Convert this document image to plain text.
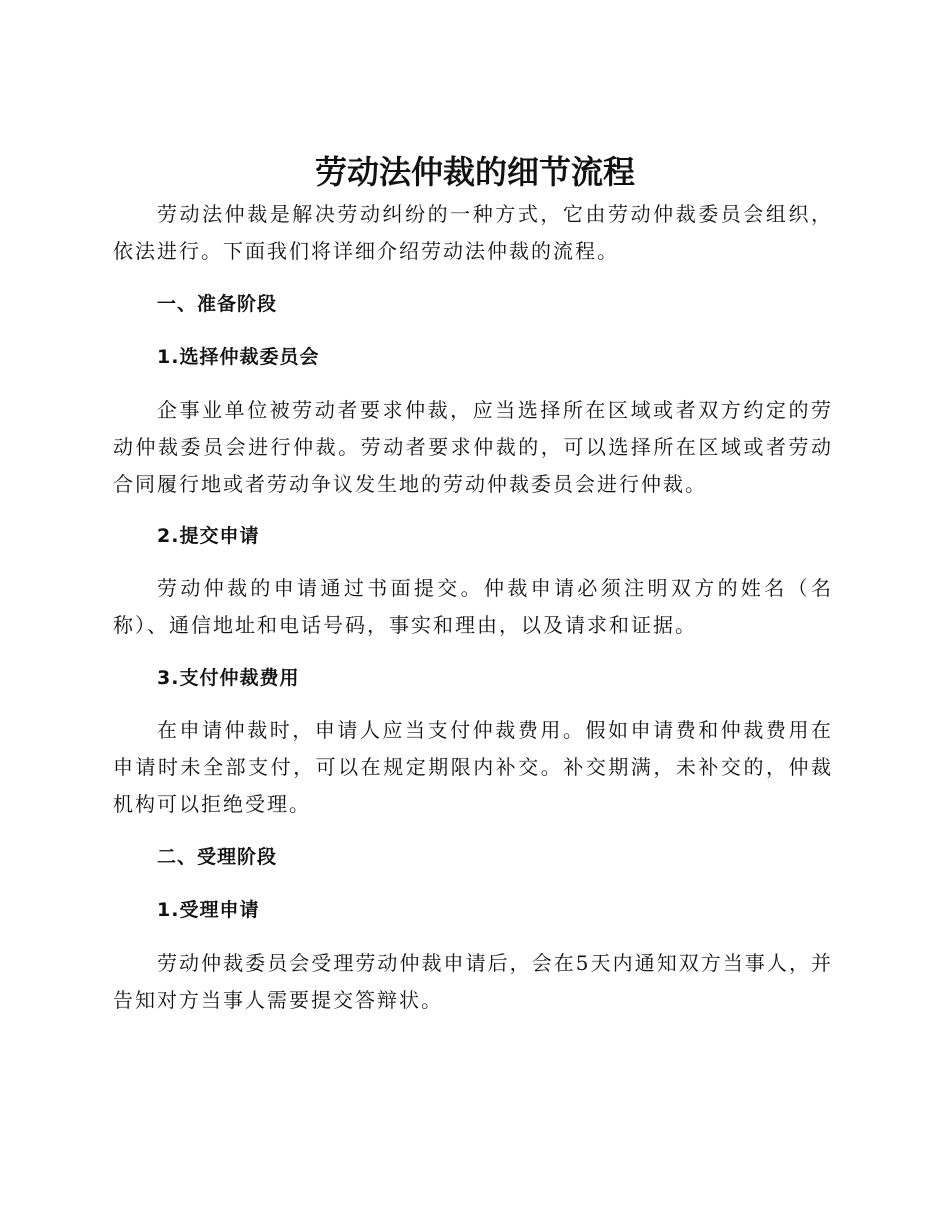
劳动法仲裁的细节流程

劳动法仲裁是解决劳动纠纷的一种方式，它由劳动仲裁委员会组织，依法进行。下面我们将详细介绍劳动法仲裁的流程。

一、准备阶段
1.选择仲裁委员会

企事业单位被劳动者要求仲裁，应当选择所在区域或者双方约定的劳动仲裁委员会进行仲裁。劳动者要求仲裁的，可以选择所在区域或者劳动合同履行地或者劳动争议发生地的劳动仲裁委员会进行仲裁。

2.提交申请

劳动仲裁的申请通过书面提交。仲裁申请必须注明双方的姓名（名称）、通信地址和电话号码，事实和理由，以及请求和证据。

3.支付仲裁费用

在申请仲裁时，申请人应当支付仲裁费用。假如申请费和仲裁费用在申请时未全部支付，可以在规定期限内补交。补交期满，未补交的，仲裁机构可以拒绝受理。

二、受理阶段
1.受理申请

劳动仲裁委员会受理劳动仲裁申请后，会在5天内通知双方当事人，并告知对方当事人需要提交答辩状。
